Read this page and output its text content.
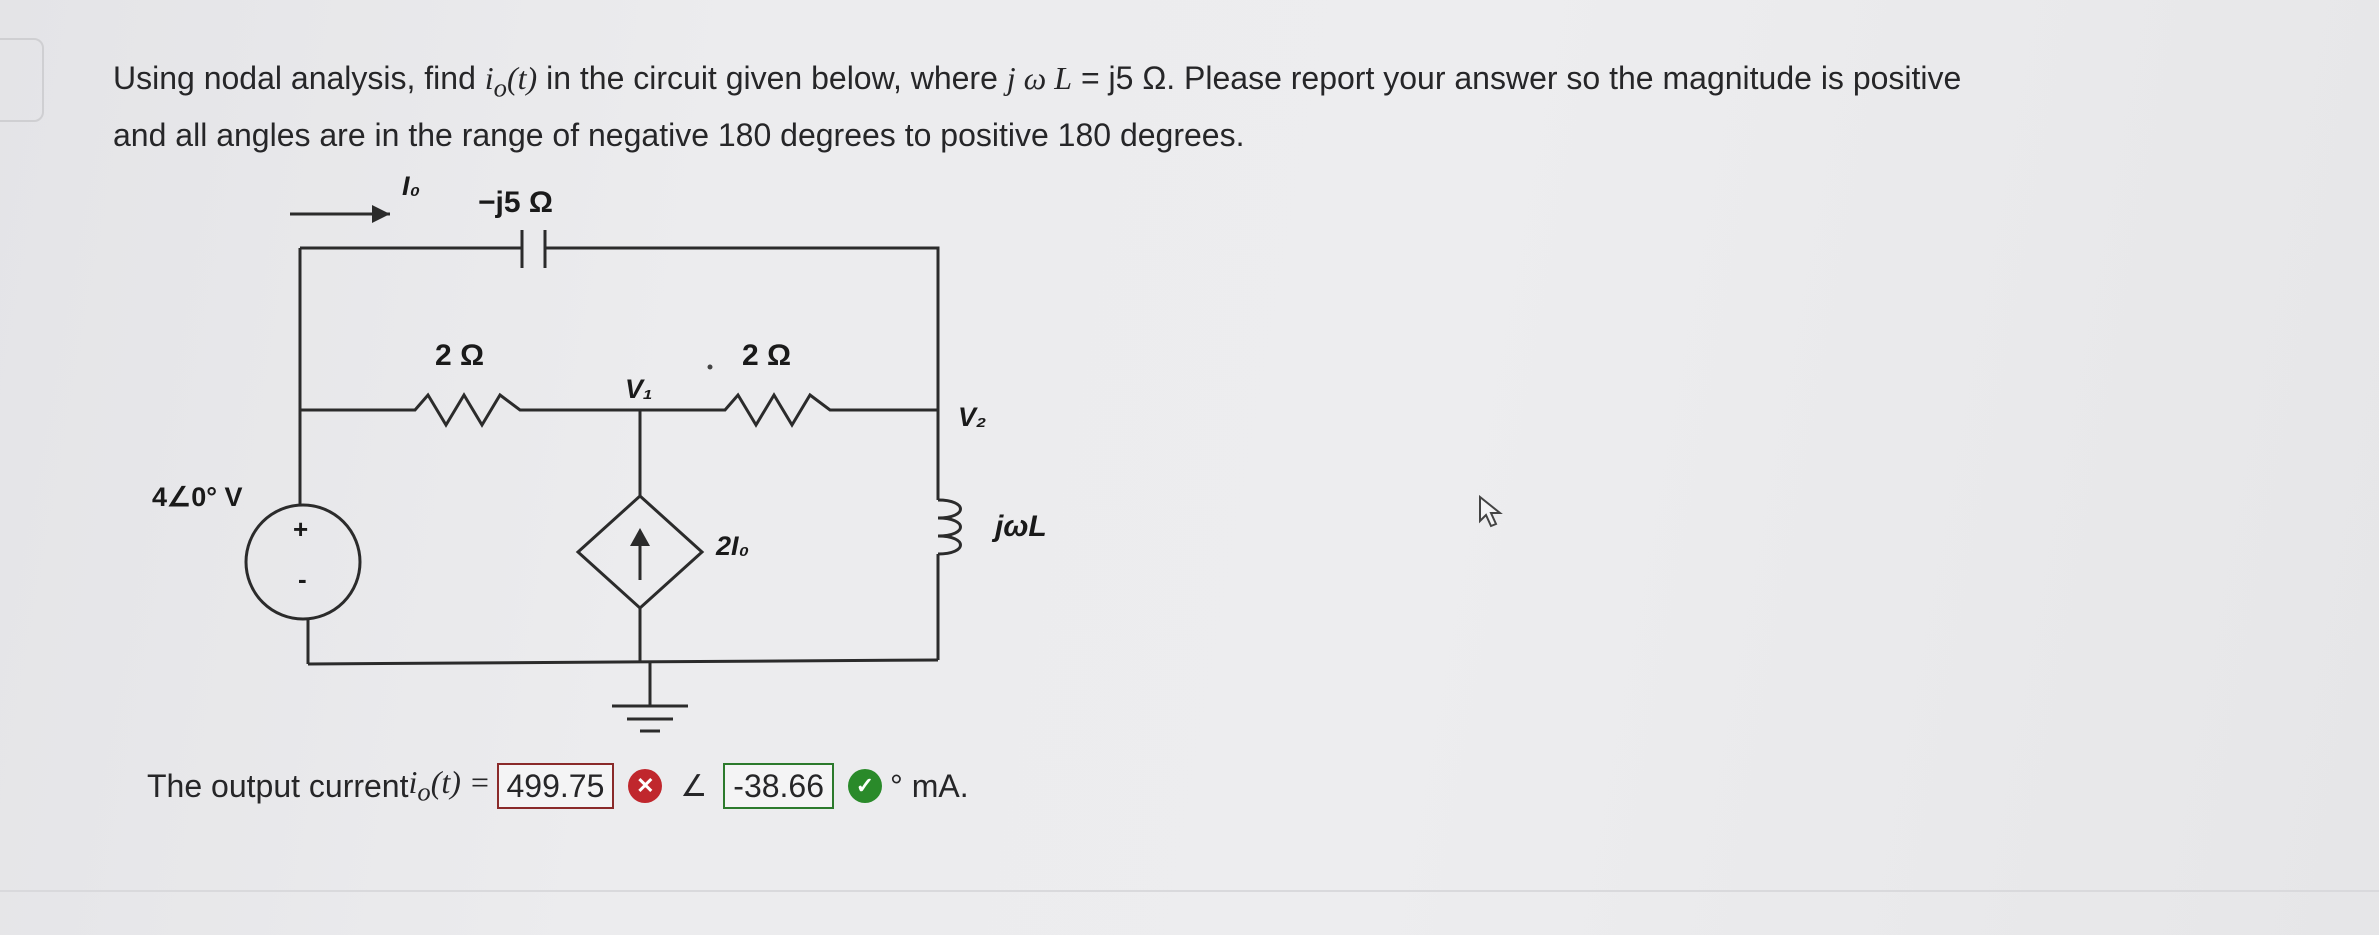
Using nodal analysis, find $i_o(t)$ in the circuit given below, where j ω L = j5 Ω. Please report your answer so the magnitude is positive
and all angles are in the range of negative 180 degrees to positive 180 degrees.
I₀ −j5 Ω
2 Ω	2 Ω
V₁
V₂
4∠0° V
+
-
2I₀
jωL
The output current $i_o(t) = 499.75$	✕ ∠ -38.66	✓ ° mA.
